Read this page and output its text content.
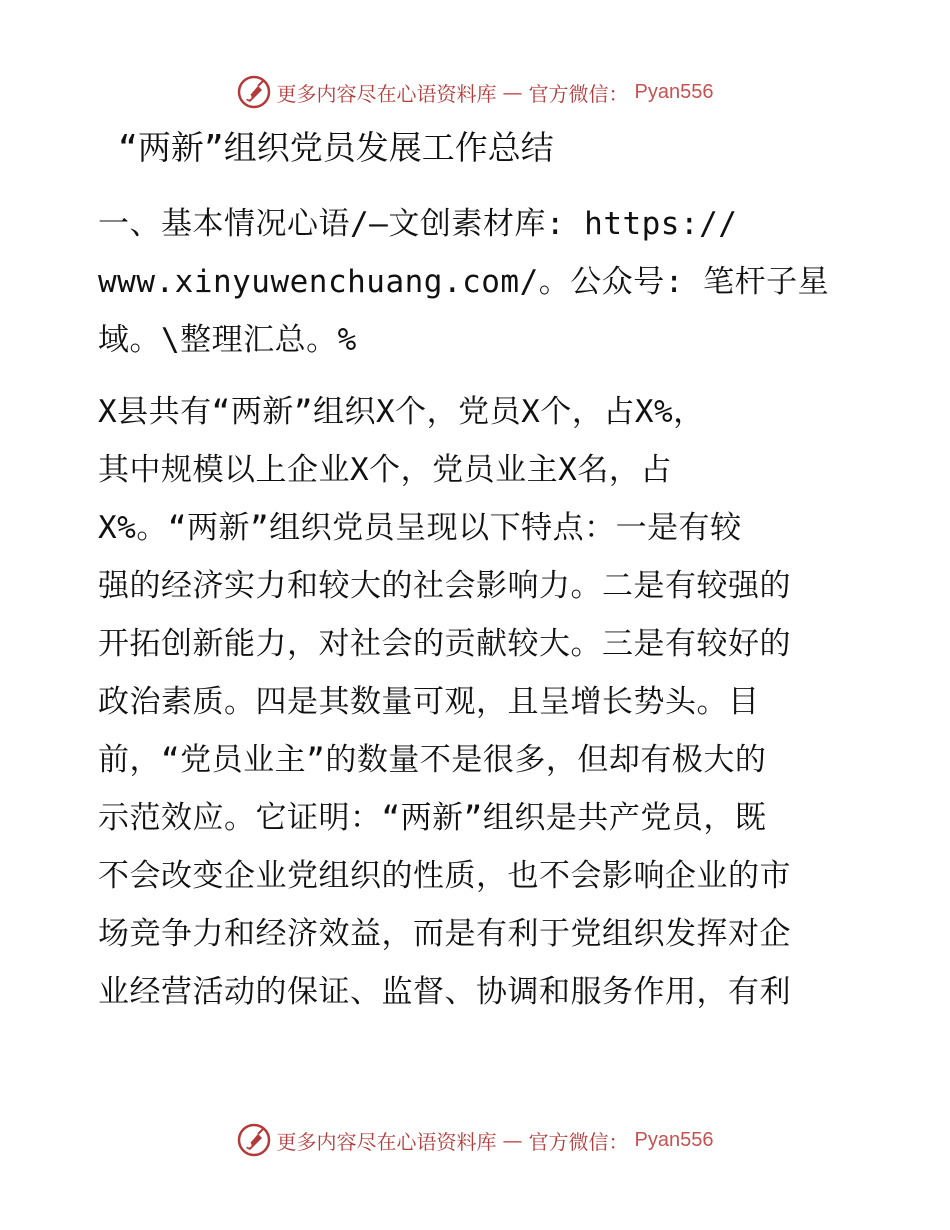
更多内容尽在心语资料库 — 官方微信： Pyan556
“两新”组织党员发展工作总结
一、基本情况心语/—文创素材库: https://
www.xinyuwenchuang.com/。公众号: 笔杆子星
域。\整理汇总。%
X县共有“两新”组织X个，党员X个，占X%，
其中规模以上企业X个，党员业主X名，占
X%。“两新”组织党员呈现以下特点：一是有较
强的经济实力和较大的社会影响力。二是有较强的
开拓创新能力，对社会的贡献较大。三是有较好的
政治素质。四是其数量可观，且呈增长势头。目
前，“党员业主”的数量不是很多，但却有极大的
示范效应。它证明：“两新”组织是共产党员，既
不会改变企业党组织的性质，也不会影响企业的市
场竞争力和经济效益，而是有利于党组织发挥对企
业经营活动的保证、监督、协调和服务作用，有利
更多内容尽在心语资料库 — 官方微信： Pyan556
